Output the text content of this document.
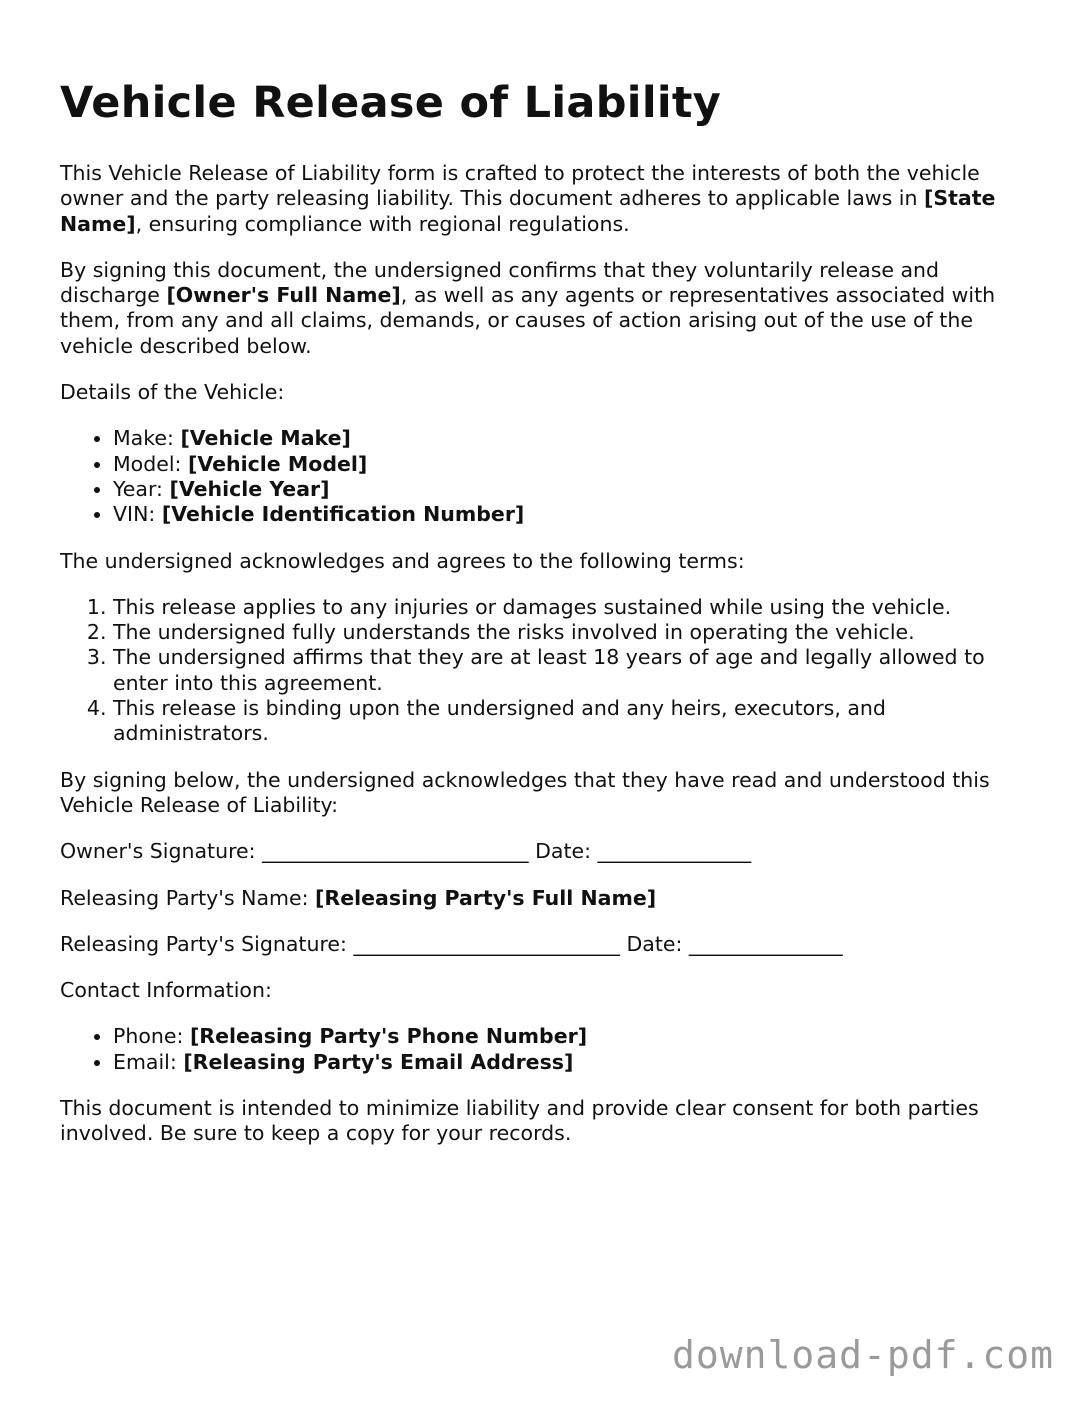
Vehicle Release of Liability

This Vehicle Release of Liability form is crafted to protect the interests of both the vehicle owner and the party releasing liability. This document adheres to applicable laws in [State Name], ensuring compliance with regional regulations.

By signing this document, the undersigned confirms that they voluntarily release and discharge [Owner's Full Name], as well as any agents or representatives associated with them, from any and all claims, demands, or causes of action arising out of the use of the vehicle described below.

Details of the Vehicle:

• Make: [Vehicle Make]
• Model: [Vehicle Model]
• Year: [Vehicle Year]
• VIN: [Vehicle Identification Number]

The undersigned acknowledges and agrees to the following terms:

1. This release applies to any injuries or damages sustained while using the vehicle.
2. The undersigned fully understands the risks involved in operating the vehicle.
3. The undersigned affirms that they are at least 18 years of age and legally allowed to enter into this agreement.
4. This release is binding upon the undersigned and any heirs, executors, and administrators.

By signing below, the undersigned acknowledges that they have read and understood this Vehicle Release of Liability:

Owner's Signature: __________________________ Date: _______________

Releasing Party's Name: [Releasing Party's Full Name]

Releasing Party's Signature: __________________________ Date: _______________

Contact Information:

• Phone: [Releasing Party's Phone Number]
• Email: [Releasing Party's Email Address]

This document is intended to minimize liability and provide clear consent for both parties involved. Be sure to keep a copy for your records.

download-pdf.com
